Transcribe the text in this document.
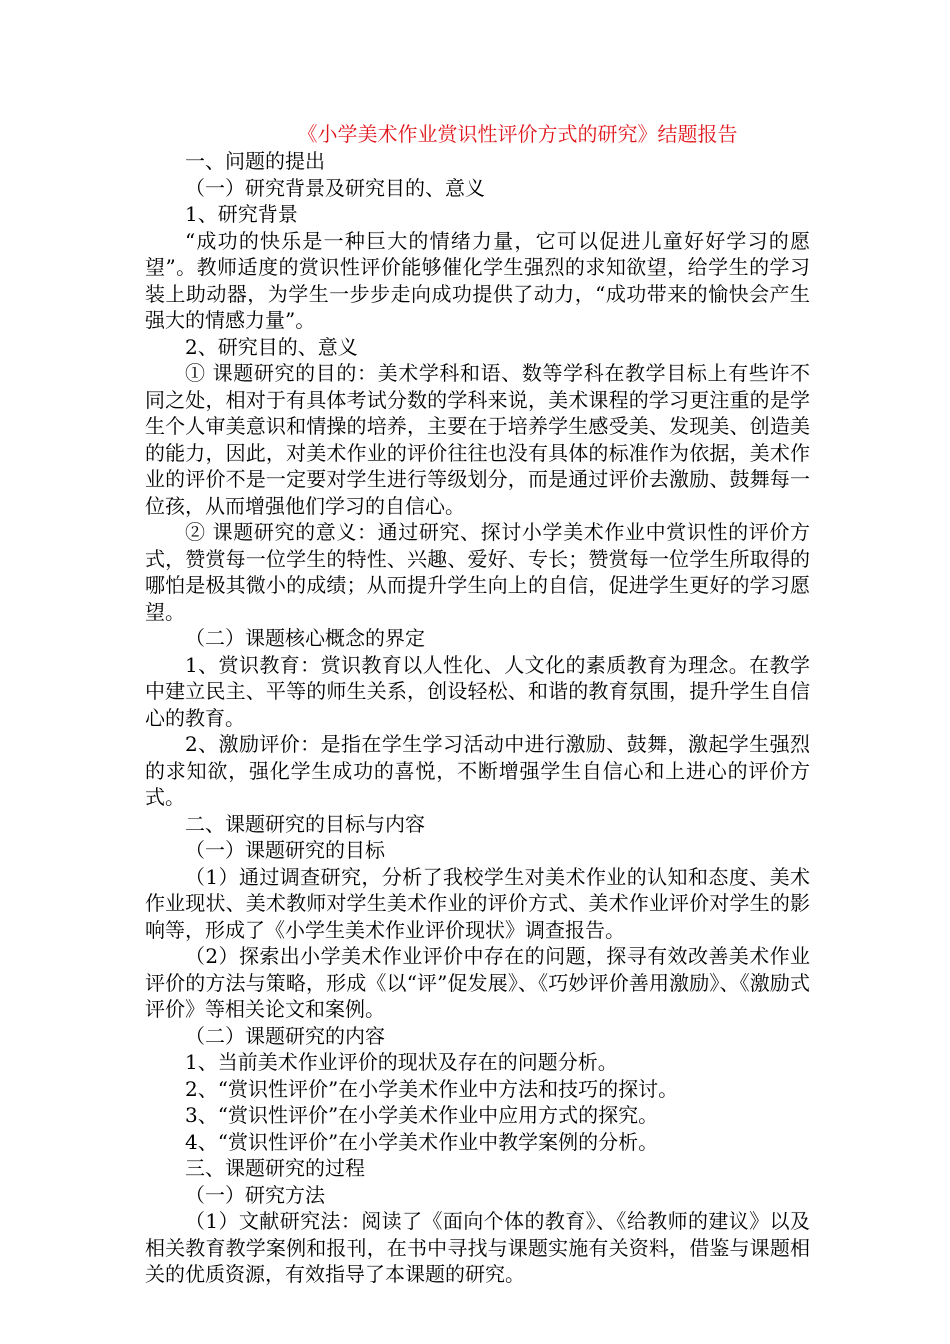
《小学美术作业赏识性评价方式的研究》结题报告

一、问题的提出

（一）研究背景及研究目的、意义

1、研究背景

“成功的快乐是一种巨大的情绪力量，它可以促进儿童好好学习的愿望”。教师适度的赏识性评价能够催化学生强烈的求知欲望，给学生的学习装上助动器，为学生一步步走向成功提供了动力，“成功带来的愉快会产生强大的情感力量”。

2、研究目的、意义

① 课题研究的目的：美术学科和语、数等学科在教学目标上有些许不同之处，相对于有具体考试分数的学科来说，美术课程的学习更注重的是学生个人审美意识和情操的培养，主要在于培养学生感受美、发现美、创造美的能力，因此，对美术作业的评价往往也没有具体的标准作为依据，美术作业的评价不是一定要对学生进行等级划分，而是通过评价去激励、鼓舞每一位孩，从而增强他们学习的自信心。

② 课题研究的意义：通过研究、探讨小学美术作业中赏识性的评价方式，赞赏每一位学生的特性、兴趣、爱好、专长；赞赏每一位学生所取得的哪怕是极其微小的成绩；从而提升学生向上的自信，促进学生更好的学习愿望。

（二）课题核心概念的界定

1、赏识教育：赏识教育以人性化、人文化的素质教育为理念。在教学中建立民主、平等的师生关系，创设轻松、和谐的教育氛围，提升学生自信心的教育。

2、激励评价：是指在学生学习活动中进行激励、鼓舞，激起学生强烈的求知欲，强化学生成功的喜悦，不断增强学生自信心和上进心的评价方式。

二、课题研究的目标与内容

（一）课题研究的目标

（1）通过调查研究，分析了我校学生对美术作业的认知和态度、美术作业现状、美术教师对学生美术作业的评价方式、美术作业评价对学生的影响等，形成了《小学生美术作业评价现状》调查报告。

（2）探索出小学美术作业评价中存在的问题，探寻有效改善美术作业评价的方法与策略，形成《以“评”促发展》、《巧妙评价善用激励》、《激励式评价》等相关论文和案例。

（二）课题研究的内容

1、当前美术作业评价的现状及存在的问题分析。

2、“赏识性评价”在小学美术作业中方法和技巧的探讨。

3、“赏识性评价”在小学美术作业中应用方式的探究。

4、“赏识性评价”在小学美术作业中教学案例的分析。

三、课题研究的过程

（一）研究方法

（1）文献研究法：阅读了《面向个体的教育》、《给教师的建议》以及相关教育教学案例和报刊，在书中寻找与课题实施有关资料，借鉴与课题相关的优质资源，有效指导了本课题的研究。
